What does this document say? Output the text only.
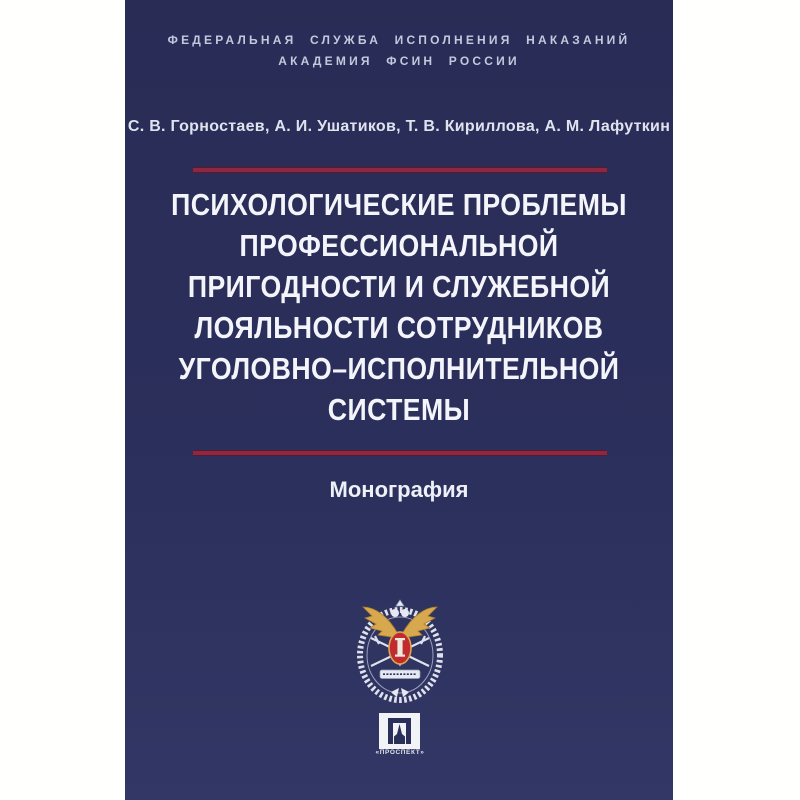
ФЕДЕРАЛЬНАЯ СЛУЖБА ИСПОЛНЕНИЯ НАКАЗАНИЙ
АКАДЕМИЯ ФСИН РОССИИ
С. В. Горностаев, А. И. Ушатиков, Т. В. Кириллова, А. М. Лафуткин
ПСИХОЛОГИЧЕСКИЕ ПРОБЛЕМЫ
ПРОФЕССИОНАЛЬНОЙ
ПРИГОДНОСТИ И СЛУЖЕБНОЙ
ЛОЯЛЬНОСТИ СОТРУДНИКОВ
УГОЛОВНО–ИСПОЛНИТЕЛЬНОЙ
СИСТЕМЫ
Монография
«ПРОСПЕКТ»
